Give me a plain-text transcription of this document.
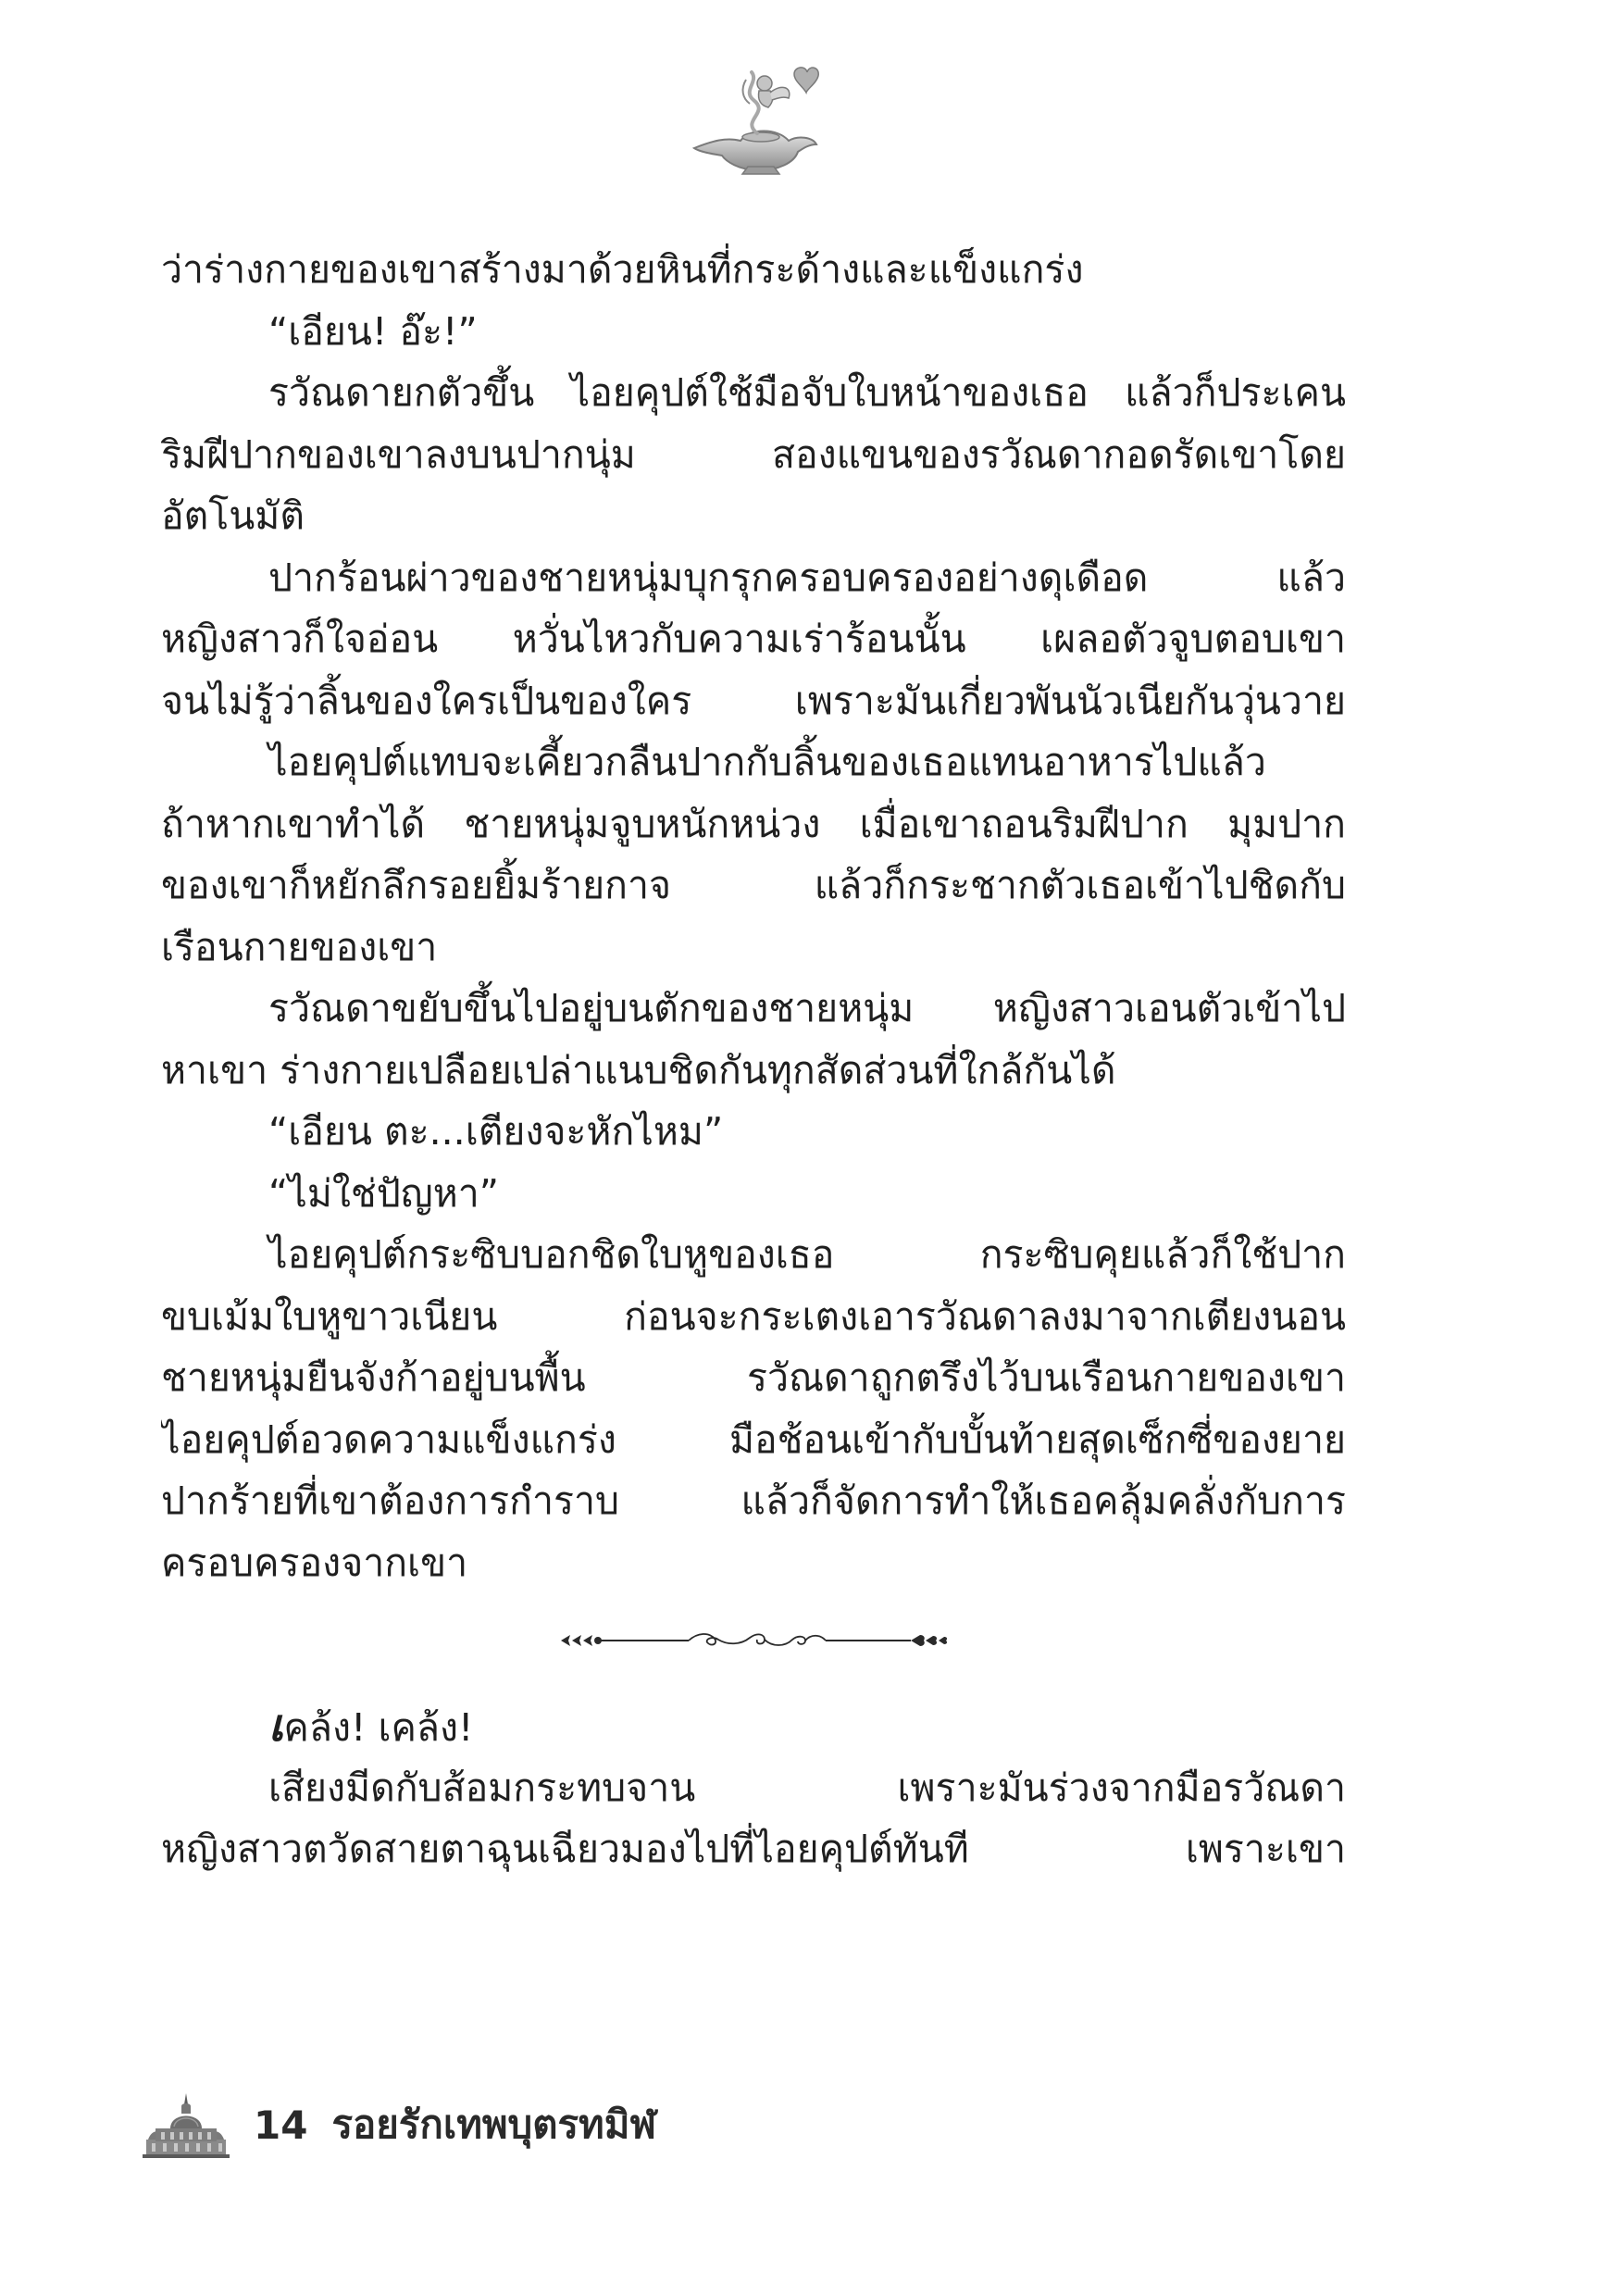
ว่าร่างกายของเขาสร้างมาด้วยหินที่กระด้างและแข็งแกร่ง
“เอียน! อ๊ะ!”
รวัณดายกตัวขึ้น ไอยคุปต์ใช้มือจับใบหน้าของเธอ แล้วก็ประเคน
ริมฝีปากของเขาลงบนปากนุ่ม สองแขนของรวัณดากอดรัดเขาโดย
อัตโนมัติ
ปากร้อนผ่าวของชายหนุ่มบุกรุกครอบครองอย่างดุเดือด แล้ว
หญิงสาวก็ใจอ่อน หวั่นไหวกับความเร่าร้อนนั้น เผลอตัวจูบตอบเขา
จนไม่รู้ว่าลิ้นของใครเป็นของใคร เพราะมันเกี่ยวพันนัวเนียกันวุ่นวาย
ไอยคุปต์แทบจะเคี้ยวกลืนปากกับลิ้นของเธอแทนอาหารไปแล้ว
ถ้าหากเขาทำได้ ชายหนุ่มจูบหนักหน่วง เมื่อเขาถอนริมฝีปาก มุมปาก
ของเขาก็หยักลึกรอยยิ้มร้ายกาจ แล้วก็กระชากตัวเธอเข้าไปชิดกับ
เรือนกายของเขา
รวัณดาขยับขึ้นไปอยู่บนตักของชายหนุ่ม หญิงสาวเอนตัวเข้าไป
หาเขา ร่างกายเปลือยเปล่าแนบชิดกันทุกสัดส่วนที่ใกล้กันได้
“เอียน ตะ...เตียงจะหักไหม”
“ไม่ใช่ปัญหา”
ไอยคุปต์กระซิบบอกชิดใบหูของเธอ กระซิบคุยแล้วก็ใช้ปาก
ขบเม้มใบหูขาวเนียน ก่อนจะกระเตงเอารวัณดาลงมาจากเตียงนอน
ชายหนุ่มยืนจังก้าอยู่บนพื้น รวัณดาถูกตรึงไว้บนเรือนกายของเขา
ไอยคุปต์อวดความแข็งแกร่ง มือช้อนเข้ากับบั้นท้ายสุดเซ็กซี่ของยาย
ปากร้ายที่เขาต้องการกำราบ แล้วก็จัดการทำให้เธอคลุ้มคลั่งกับการ
ครอบครองจากเขา
เคล้ง! เคล้ง!
เสียงมีดกับส้อมกระทบจาน เพราะมันร่วงจากมือรวัณดา
หญิงสาวตวัดสายตาฉุนเฉียวมองไปที่ไอยคุปต์ทันที เพราะเขา
14 รอยรักเทพบุตรทมิฬ
